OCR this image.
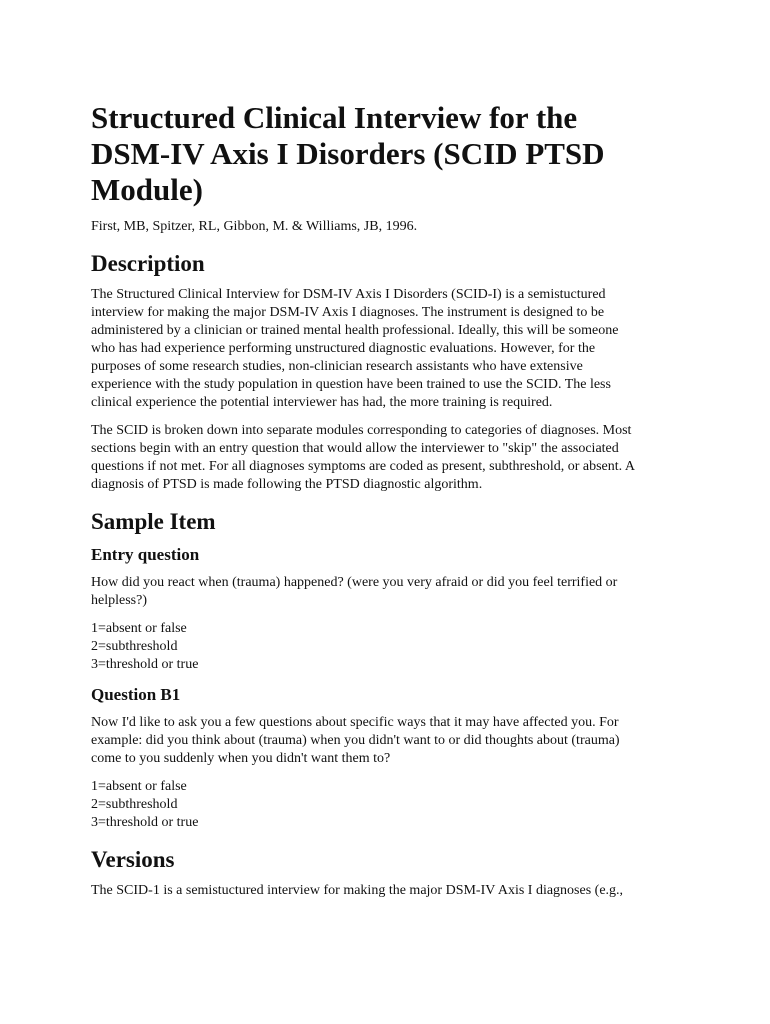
Structured Clinical Interview for the
DSM-IV Axis I Disorders (SCID PTSD
Module)

First, MB, Spitzer, RL, Gibbon, M. & Williams, JB, 1996.

Description

The Structured Clinical Interview for DSM-IV Axis I Disorders (SCID-I) is a semistuctured
interview for making the major DSM-IV Axis I diagnoses. The instrument is designed to be
administered by a clinician or trained mental health professional. Ideally, this will be someone
who has had experience performing unstructured diagnostic evaluations. However, for the
purposes of some research studies, non-clinician research assistants who have extensive
experience with the study population in question have been trained to use the SCID. The less
clinical experience the potential interviewer has had, the more training is required.

The SCID is broken down into separate modules corresponding to categories of diagnoses. Most
sections begin with an entry question that would allow the interviewer to "skip" the associated
questions if not met. For all diagnoses symptoms are coded as present, subthreshold, or absent. A
diagnosis of PTSD is made following the PTSD diagnostic algorithm.

Sample Item
Entry question

How did you react when (trauma) happened? (were you very afraid or did you feel terrified or
helpless?)

1=absent or false
2=subthreshold
3=threshold or true

Question B1

Now I'd like to ask you a few questions about specific ways that it may have affected you. For
example: did you think about (trauma) when you didn't want to or did thoughts about (trauma)
come to you suddenly when you didn't want them to?

1=absent or false
2=subthreshold
3=threshold or true

Versions

The SCID-1 is a semistuctured interview for making the major DSM-IV Axis I diagnoses (e.g.,
